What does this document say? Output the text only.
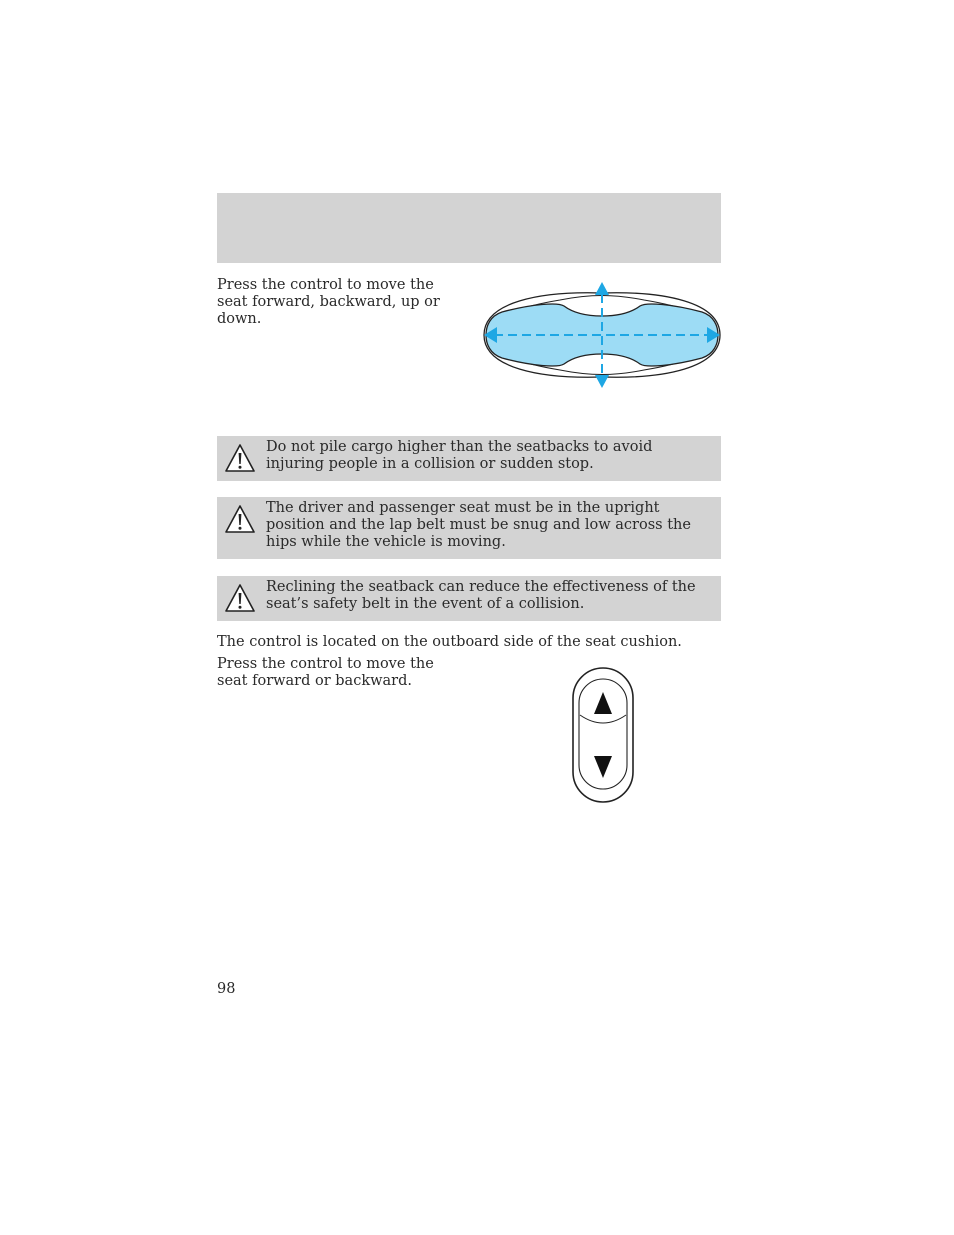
Press the control to move the seat forward, backward, up or down.

Do not pile cargo higher than the seatbacks to avoid injuring people in a collision or sudden stop.

The driver and passenger seat must be in the upright position and the lap belt must be snug and low across the hips while the vehicle is moving.

Reclining the seatback can reduce the effectiveness of the seat’s safety belt in the event of a collision.

The control is located on the outboard side of the seat cushion.

Press the control to move the seat forward or backward.

98
